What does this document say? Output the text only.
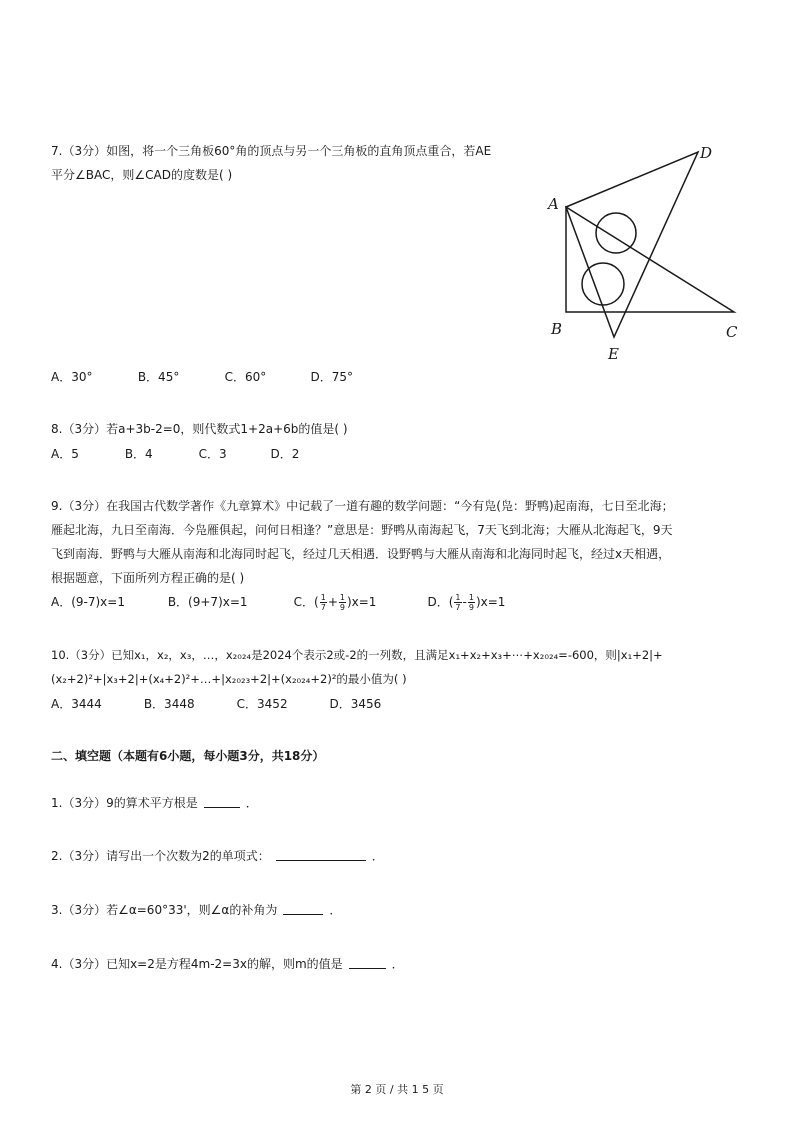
7.（3分）如图，将一个三角板60°角的顶点与另一个三角板的直角顶点重合，若AE
平分∠BAC，则∠CAD的度数是( )
A
D
B	C
E
A．30°	B．45°	C．60°	D．75°
8.（3分）若a+3b-2=0，则代数式1+2a+6b的值是( )
A．5	B．4	C．3	D．2
9.（3分）在我国古代数学著作《九章算术》中记载了一道有趣的数学问题：“今有凫(凫：野鸭)起南海，七日至北海；
雁起北海，九日至南海．今凫雁俱起，问何日相逢？”意思是：野鸭从南海起飞，7天飞到北海；大雁从北海起飞，9天
飞到南海．野鸭与大雁从南海和北海同时起飞，经过几天相遇．设野鸭与大雁从南海和北海同时起飞，经过x天相遇，
根据题意，下面所列方程正确的是( )
A．(9-7)x=1	B．(9+7)x=1	C．( $\frac{1}{7} + \frac{1}{9} )x=1$	D．( $\frac{1}{7} - \frac{1}{9} )x=1$
10.（3分）已知x₁，x₂，x₃，…，x₂₀₂₄是2024个表示2或-2的一列数，且满足x₁+x₂+x₃+⋯+x₂₀₂₄=-600，则|x₁+2|+
(x₂+2)²+|x₃+2|+(x₄+2)²+…+|x₂₀₂₃+2|+(x₂₀₂₄+2)²的最小值为( )
A．3444	B．3448	C．3452	D．3456
二、填空题（本题有6小题，每小题3分，共18分）
1.（3分）9的算术平方根是	．
2.（3分）请写出一个次数为2的单项式：	．
3.（3分）若∠α=60°33'，则∠α的补角为	．
4.（3分）已知x=2是方程4m-2=3x的解，则m的值是	．
第 2 页 / 共 1 5 页
